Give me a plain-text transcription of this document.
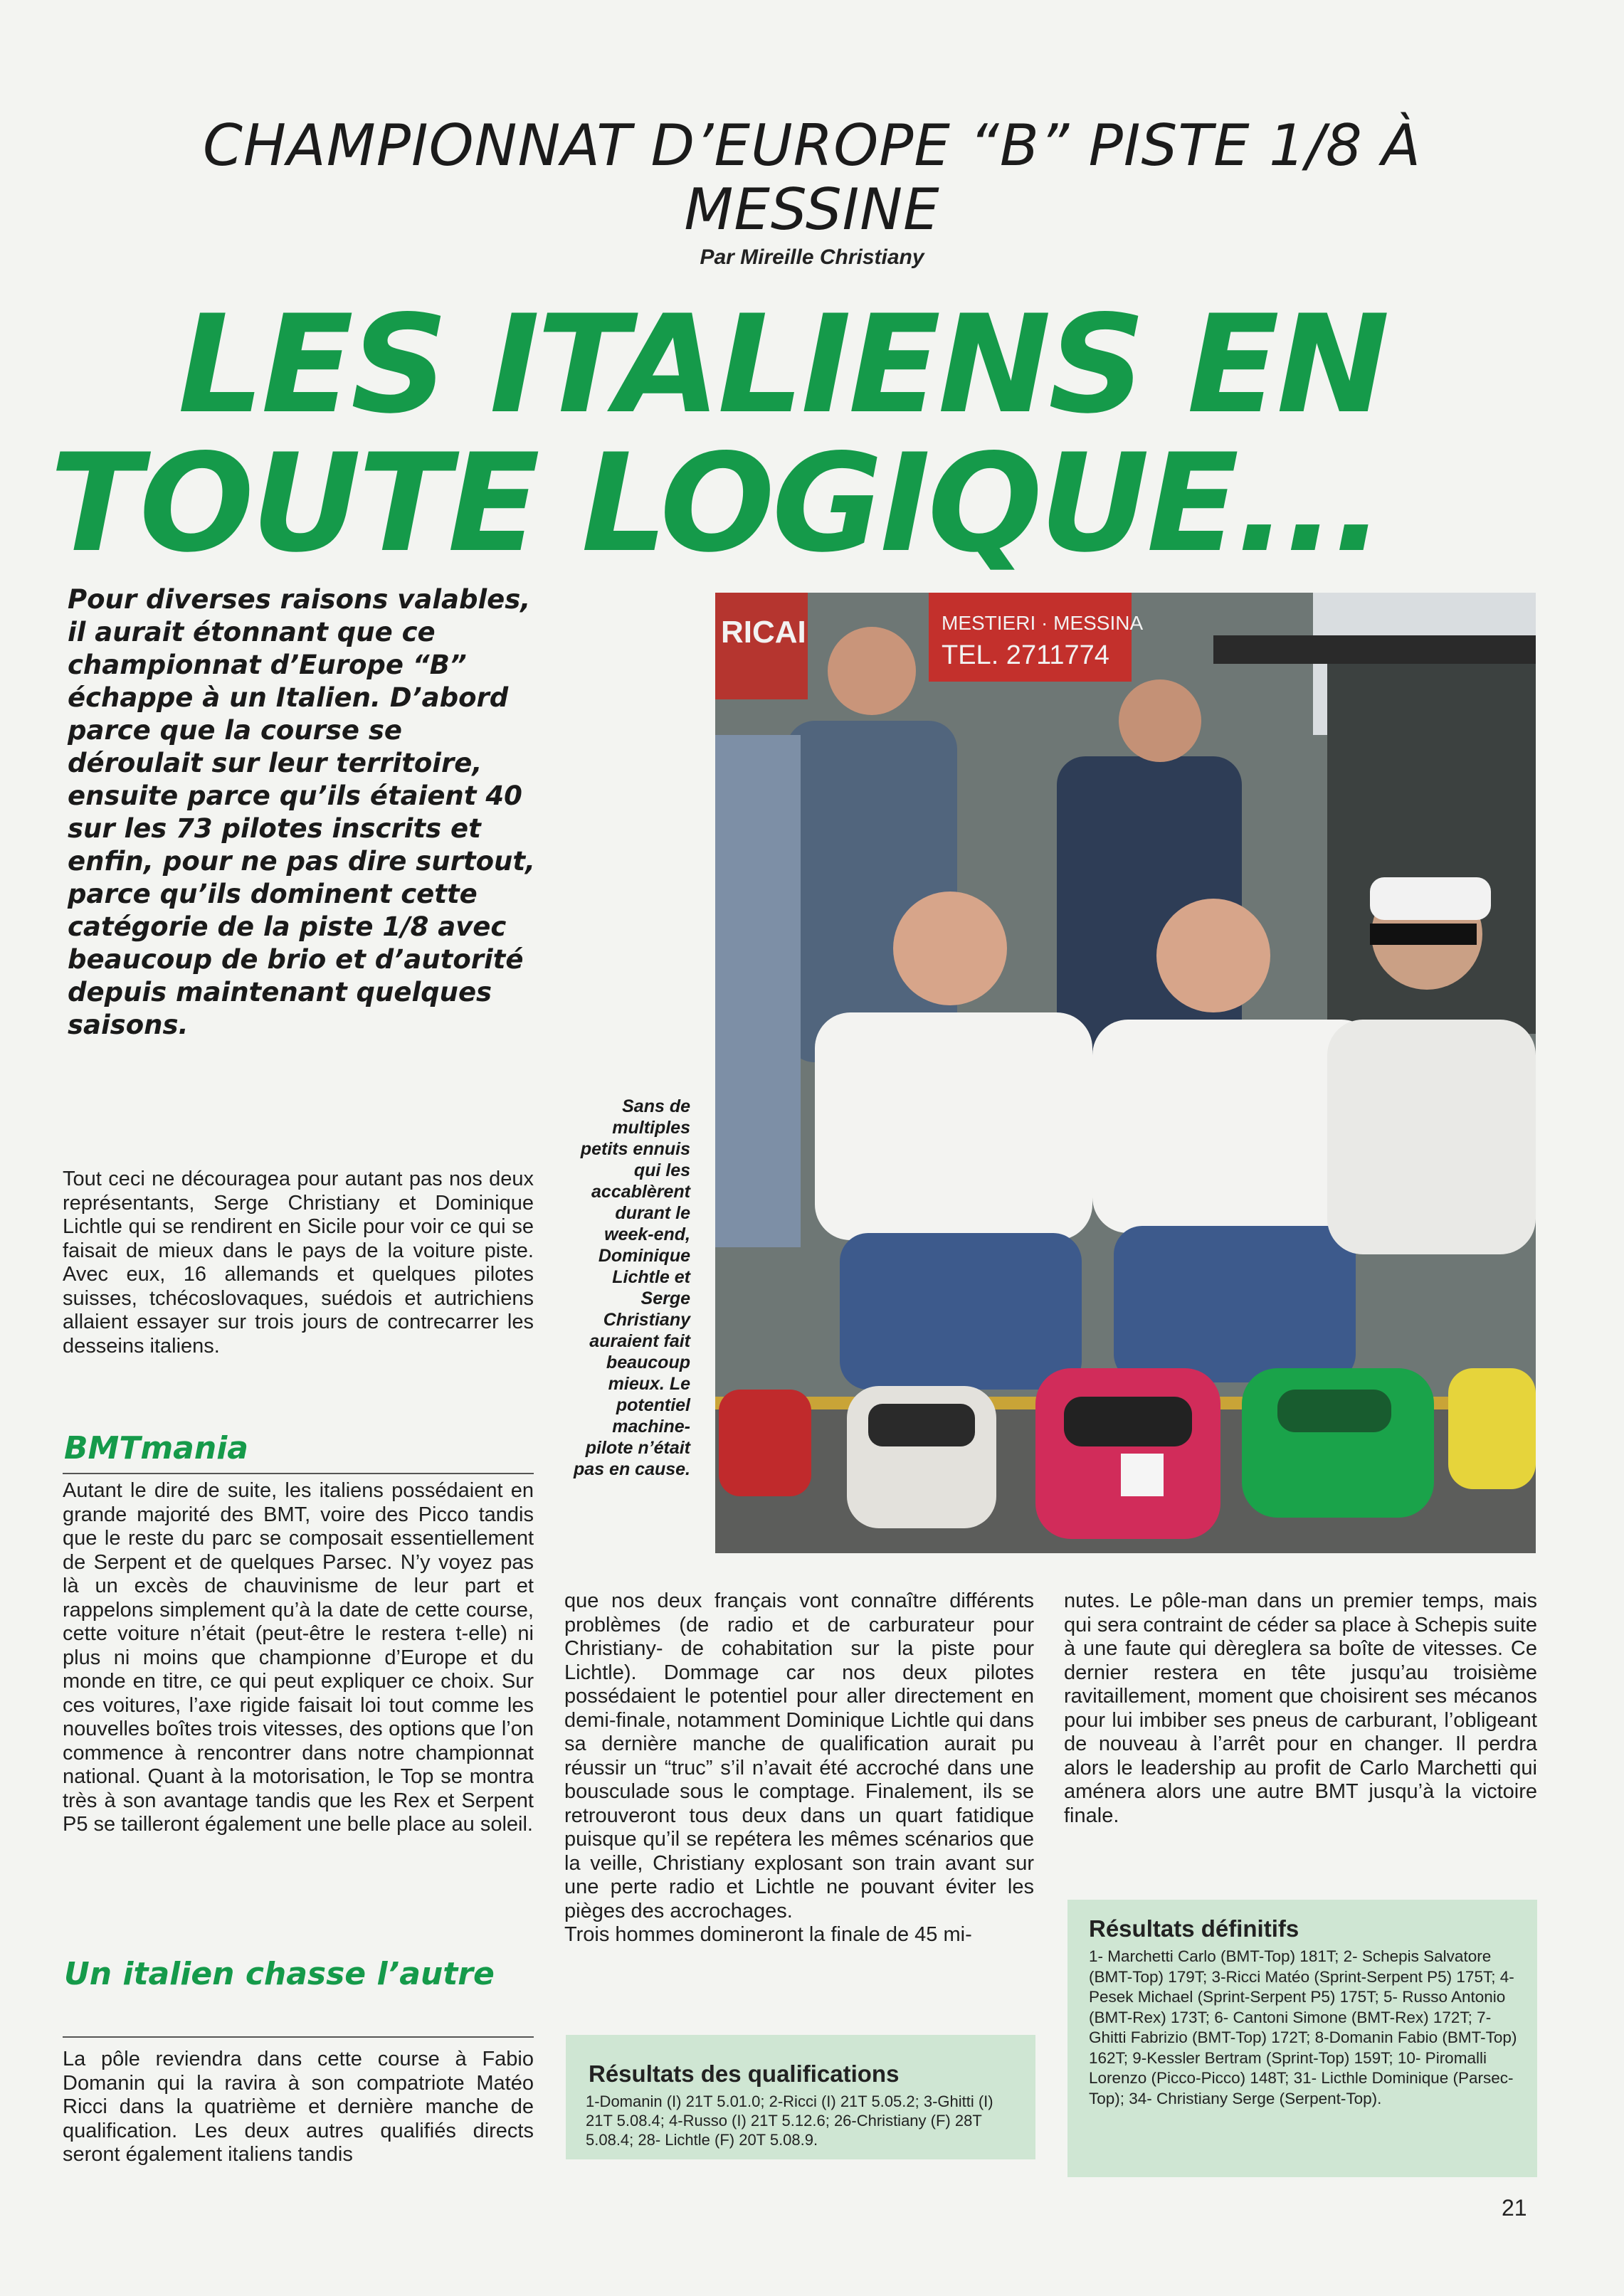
CHAMPIONNAT D’EUROPE “B” PISTE 1/8 À
MESSINE
Par Mireille Christiany
LES ITALIENS EN
TOUTE LOGIQUE...
Pour diverses raisons valables, il aurait étonnant que ce championnat d’Europe “B” échappe à un Italien. D’abord parce que la course se déroulait sur leur territoire, ensuite parce qu’ils étaient 40 sur les 73 pilotes inscrits et enfin, pour ne pas dire surtout, parce qu’ils dominent cette catégorie de la piste 1/8 avec beaucoup de brio et d’autorité depuis maintenant quelques saisons.
Tout ceci ne découragea pour autant pas nos deux représentants, Serge Christiany et Dominique Lichtle qui se rendirent en Sicile pour voir ce qui se faisait de mieux dans le pays de la voiture piste. Avec eux, 16 allemands et quelques pilotes suisses, tchécoslovaques, suédois et autrichiens allaient essayer sur trois jours de contrecarrer les desseins italiens.
BMTmania
Autant le dire de suite, les italiens possédaient en grande majorité des BMT, voire des Picco tandis que le reste du parc se composait essentiellement de Serpent et de quelques Parsec. N’y voyez pas là un excès de chauvinisme de leur part et rappelons simplement qu’à la date de cette course, cette voiture n’était (peut-être le restera t-elle) ni plus ni moins que championne d’Europe et du monde en titre, ce qui peut expliquer ce choix. Sur ces voitures, l’axe rigide faisait loi tout comme les nouvelles boîtes trois vitesses, des options que l’on commence à rencontrer dans notre championnat national. Quant à la motorisation, le Top se montra très à son avantage tandis que les Rex et Serpent P5 se tailleront également une belle place au soleil.
Un italien chasse l’autre
La pôle reviendra dans cette course à Fabio Domanin qui la ravira à son compatriote Matéo Ricci dans la quatrième et dernière manche de qualification. Les deux autres qualifiés directs seront également italiens tandis
que nos deux français vont connaître différents problèmes (de radio et de carburateur pour Christiany- de cohabitation sur la piste pour Lichtle). Dommage car nos deux pilotes possédaient le potentiel pour aller directement en demi-finale, notamment Dominique Lichtle qui dans sa dernière manche de qualification aurait pu réussir un “truc” s’il n’avait été accroché dans une bousculade sous le comptage. Finalement, ils se retrouveront tous deux dans un quart fatidique puisque qu’il se repétera les mêmes scénarios que la veille, Christiany explosant son train avant sur une perte radio et Lichtle ne pouvant éviter les pièges des accrochages.
Trois hommes domineront la finale de 45 mi-
nutes. Le pôle-man dans un premier temps, mais qui sera contraint de céder sa place à Schepis suite à une faute qui dèreglera sa boîte de vitesses. Ce dernier restera en tête jusqu’au troisième ravitaillement, moment que choisirent ses mécanos pour lui imbiber ses pneus de carburant, l’obligeant de nouveau à l’arrêt pour en changer. Il perdra alors le leadership au profit de Carlo Marchetti qui aménera alors une autre BMT jusqu’à la victoire finale.
RICAI	MESTIERI · MESSINA
TEL. 2711774
Sans de multiples petits ennuis qui les accablèrent durant le week-end, Dominique Lichtle et Serge Christiany auraient fait beaucoup mieux. Le potentiel machine-pilote n’était pas en cause.
Résultats des qualifications
1-Domanin (I) 21T 5.01.0; 2-Ricci (I) 21T 5.05.2; 3-Ghitti (I) 21T 5.08.4; 4-Russo (I) 21T 5.12.6; 26-Christiany (F) 28T 5.08.4; 28- Lichtle (F) 20T 5.08.9.
Résultats définitifs
1- Marchetti Carlo (BMT-Top) 181T; 2- Schepis Salvatore (BMT-Top) 179T; 3-Ricci Matéo (Sprint-Serpent P5) 175T; 4- Pesek Michael (Sprint-Serpent P5) 175T; 5- Russo Antonio (BMT-Rex) 173T; 6- Cantoni Simone (BMT-Rex) 172T; 7- Ghitti Fabrizio (BMT-Top) 172T; 8-Domanin Fabio (BMT-Top) 162T; 9-Kessler Bertram (Sprint-Top) 159T; 10- Piromalli Lorenzo (Picco-Picco) 148T; 31- Licthle Dominique (Parsec-Top); 34- Christiany Serge (Serpent-Top).
21
